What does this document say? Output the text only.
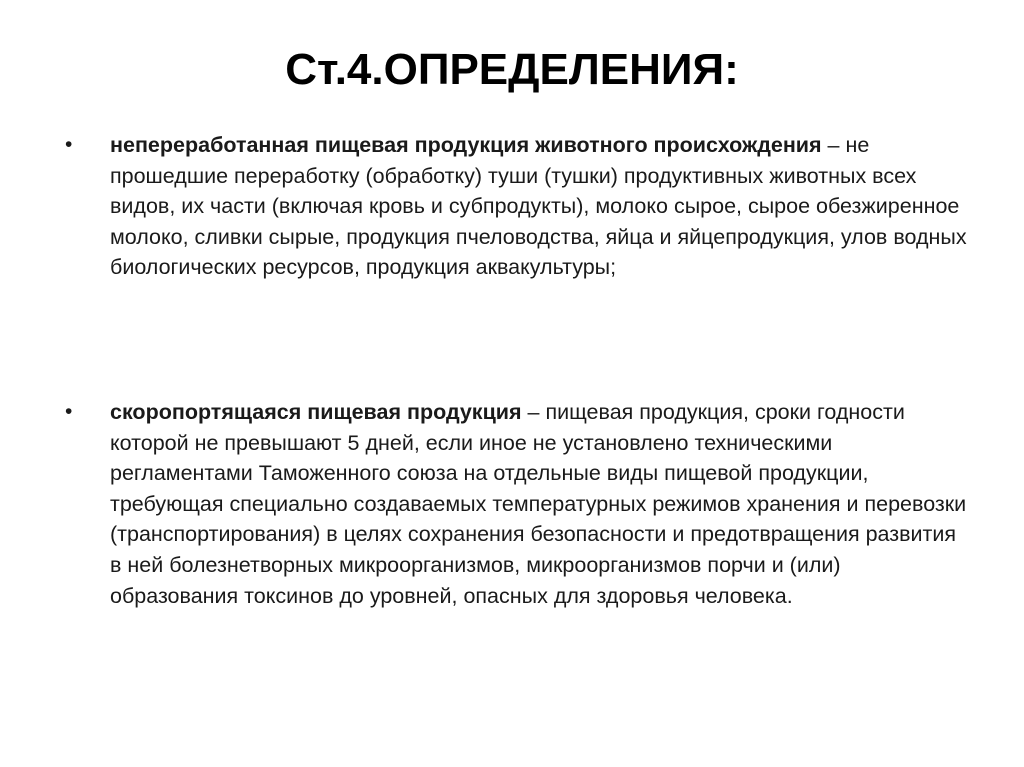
Ст.4.ОПРЕДЕЛЕНИЯ:
• непереработанная пищевая продукция животного происхождения – не прошедшие переработку (обработку) туши (тушки) продуктивных животных всех видов, их части (включая кровь и субпродукты), молоко сырое, сырое обезжиренное молоко, сливки сырые, продукция пчеловодства, яйца и яйцепродукция, улов водных биологических ресурсов, продукция аквакультуры;
• скоропортящаяся пищевая продукция – пищевая продукция, сроки годности которой не превышают 5 дней, если иное не установлено техническими регламентами Таможенного союза на отдельные виды пищевой продукции, требующая специально создаваемых температурных режимов хранения и перевозки (транспортирования) в целях сохранения безопасности и предотвращения развития в ней болезнетворных микроорганизмов, микроорганизмов порчи и (или) образования токсинов до уровней, опасных для здоровья человека.
